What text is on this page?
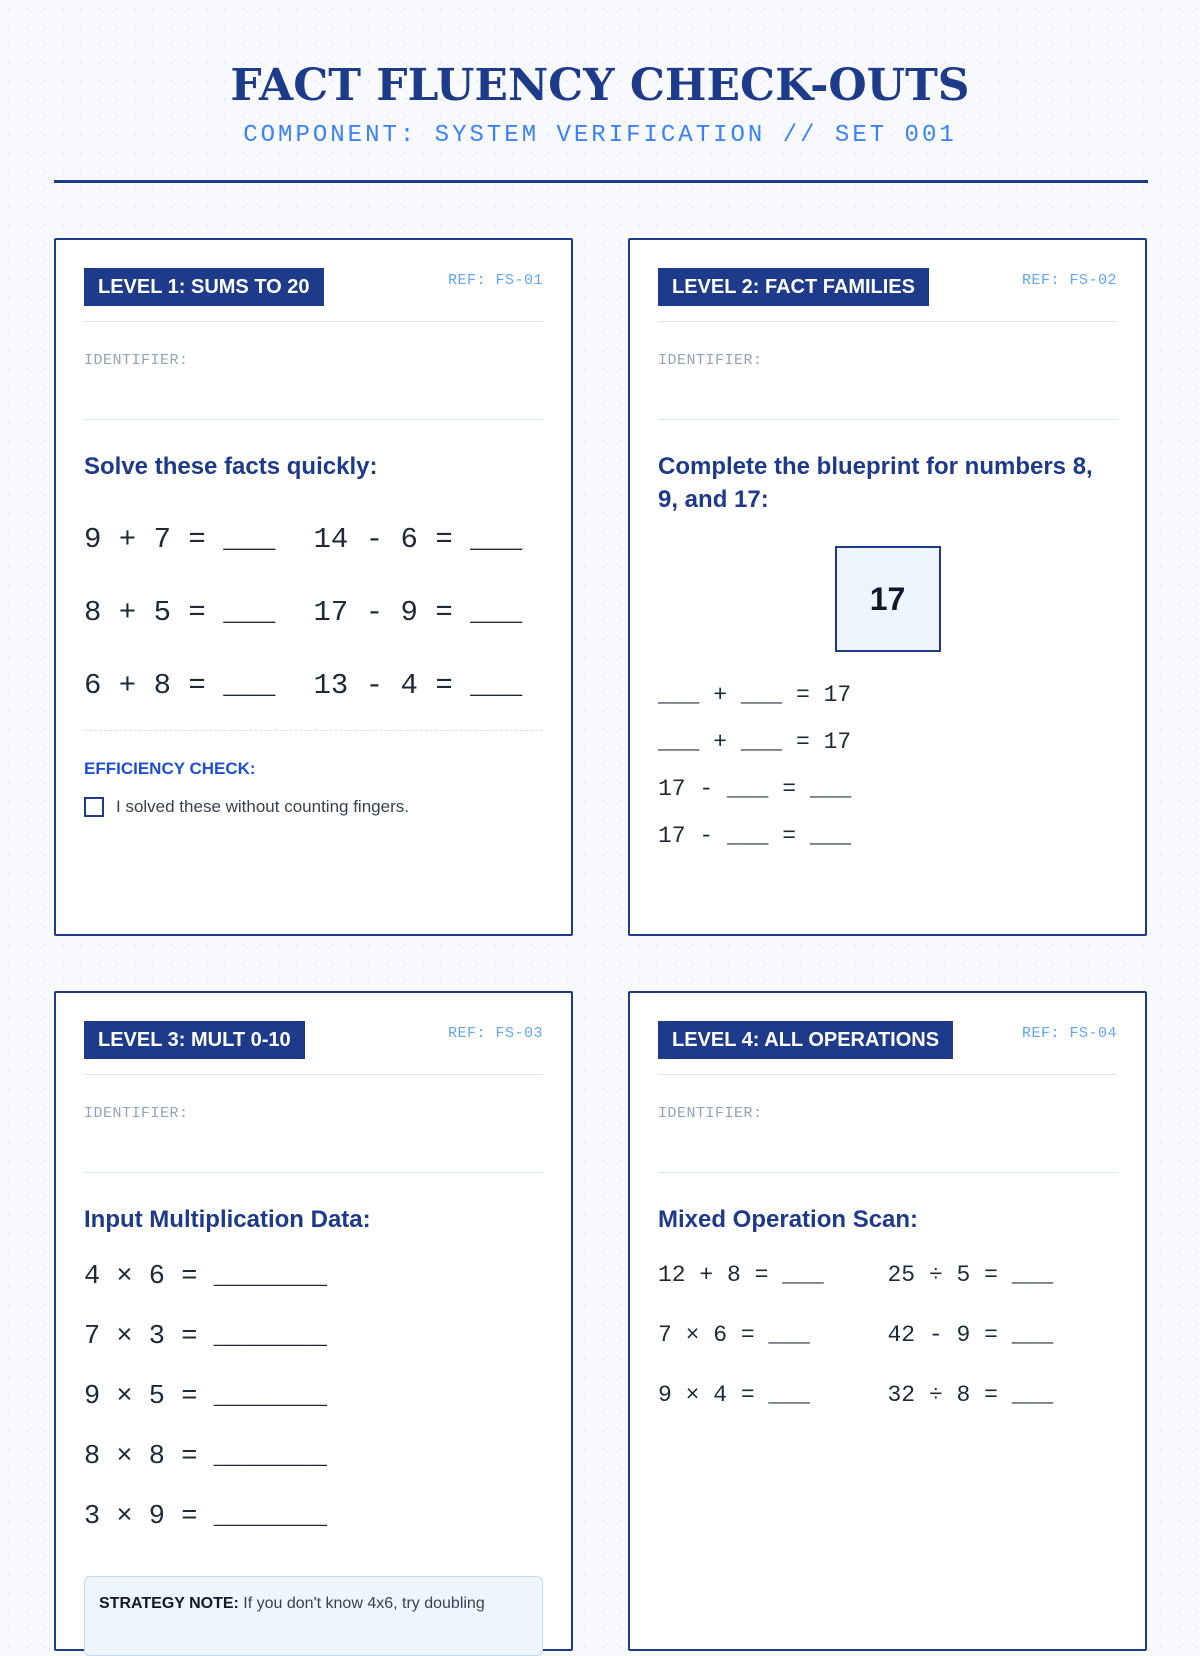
FACT FLUENCY CHECK-OUTS
COMPONENT: SYSTEM VERIFICATION // SET 001
LEVEL 1: SUMS TO 20	REF: FS-01
IDENTIFIER:
Solve these facts quickly:
9 + 7 = ___	14 - 6 = ___
8 + 5 = ___	17 - 9 = ___
6 + 8 = ___	13 - 4 = ___
EFFICIENCY CHECK:
I solved these without counting fingers.
LEVEL 2: FACT FAMILIES	REF: FS-02
IDENTIFIER:
Complete the blueprint for numbers 8, 9, and 17:
17
___ + ___ = 17
___ + ___ = 17
17 - ___ = ___
17 - ___ = ___
LEVEL 3: MULT 0-10	REF: FS-03
IDENTIFIER:
Input Multiplication Data:
4 × 6 = _______
7 × 3 = _______
9 × 5 = _______
8 × 8 = _______
3 × 9 = _______
STRATEGY NOTE: If you don't know 4x6, try doubling
LEVEL 4: ALL OPERATIONS	REF: FS-04
IDENTIFIER:
Mixed Operation Scan:
12 + 8 = ___	25 ÷ 5 = ___
7 × 6 = ___	42 - 9 = ___
9 × 4 = ___	32 ÷ 8 = ___
